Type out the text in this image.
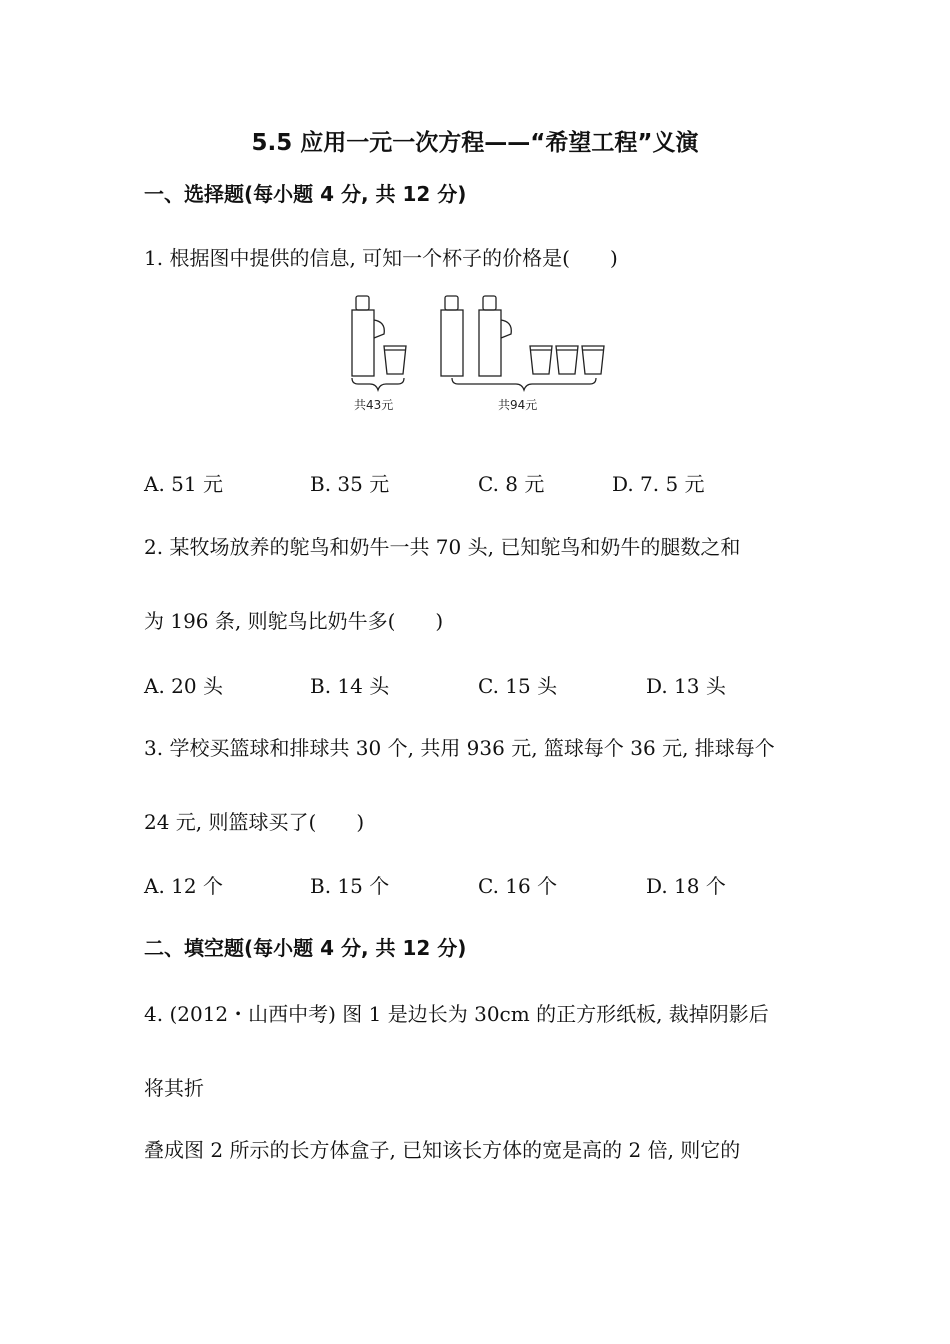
5.5 应用一元一次方程——“希望工程”义演
一、选择题(每小题 4 分, 共 12 分)
1. 根据图中提供的信息, 可知一个杯子的价格是(　　)
共43元	共94元
A. 51 元	B. 35 元	C. 8 元	D. 7. 5 元
2. 某牧场放养的鸵鸟和奶牛一共 70 头, 已知鸵鸟和奶牛的腿数之和
为 196 条, 则鸵鸟比奶牛多(　　)
A. 20 头	B. 14 头	C. 15 头	D. 13 头
3. 学校买篮球和排球共 30 个, 共用 936 元, 篮球每个 36 元, 排球每个
24 元, 则篮球买了(　　)
A. 12 个	B. 15 个	C. 16 个	D. 18 个
二、填空题(每小题 4 分, 共 12 分)
4. (2012・山西中考) 图 1 是边长为 30cm 的正方形纸板, 裁掉阴影后
将其折
叠成图 2 所示的长方体盒子, 已知该长方体的宽是高的 2 倍, 则它的
